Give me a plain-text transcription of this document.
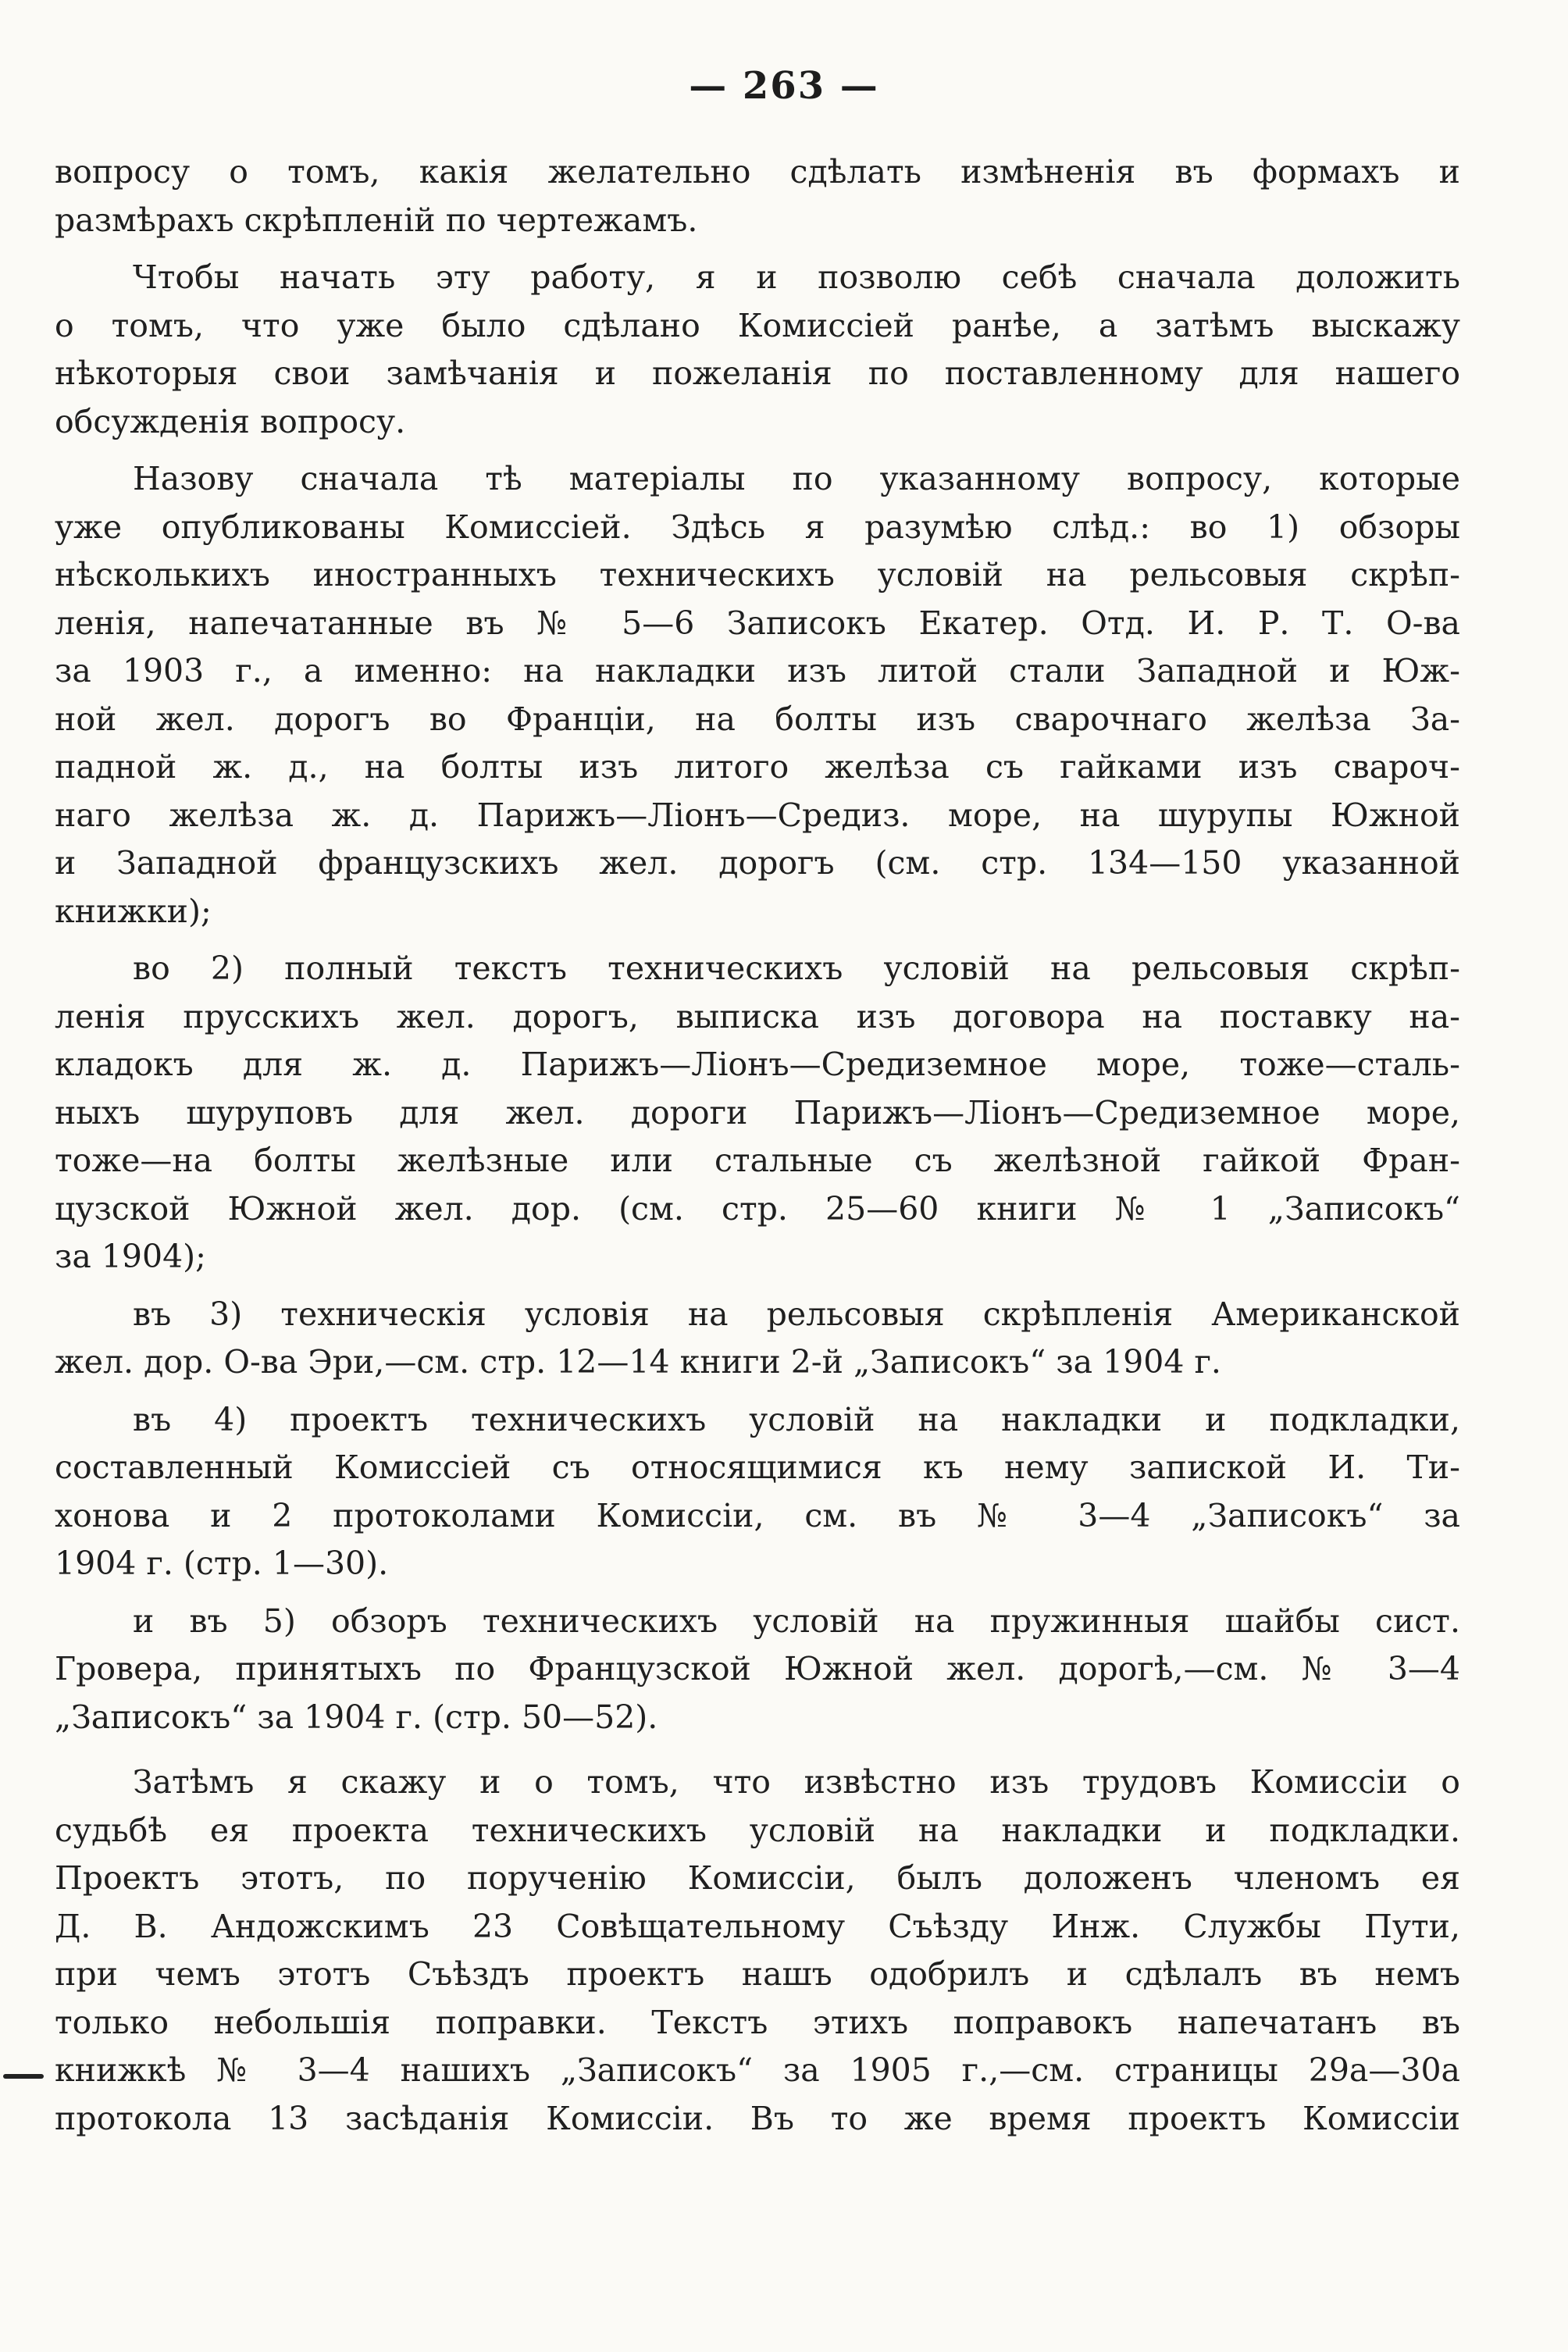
— 263 —
вопросу о томъ, какія желательно сдѣлать измѣненія въ формахъ и
размѣрахъ скрѣпленій по чертежамъ.
Чтобы начать эту работу, я и позволю себѣ сначала доложить
о томъ, что уже было сдѣлано Комиссіей ранѣе, а затѣмъ выскажу
нѣкоторыя свои замѣчанія и пожеланія по поставленному для нашего
обсужденія вопросу.
Назову сначала тѣ матеріалы по указанному вопросу, которые
уже опубликованы Комиссіей. Здѣсь я разумѣю слѣд.: во 1) обзоры
нѣсколькихъ иностранныхъ техническихъ условій на рельсовыя скрѣп-
ленія, напечатанные въ № 5—6 Записокъ Екатер. Отд. И. Р. Т. О-ва
за 1903 г., а именно: на накладки изъ литой стали Западной и Юж-
ной жел. дорогъ во Франціи, на болты изъ сварочнаго желѣза За-
падной ж. д., на болты изъ литого желѣза съ гайками изъ свароч-
наго желѣза ж. д. Парижъ—Ліонъ—Средиз. море, на шурупы Южной
и Западной французскихъ жел. дорогъ (см. стр. 134—150 указанной
книжки);
во 2) полный текстъ техническихъ условій на рельсовыя скрѣп-
ленія прусскихъ жел. дорогъ, выписка изъ договора на поставку на-
кладокъ для ж. д. Парижъ—Ліонъ—Средиземное море, тоже—сталь-
ныхъ шуруповъ для жел. дороги Парижъ—Ліонъ—Средиземное море,
тоже—на болты желѣзные или стальные съ желѣзной гайкой Фран-
цузской Южной жел. дор. (см. стр. 25—60 книги № 1 „Записокъ“
за 1904);
въ 3) техническія условія на рельсовыя скрѣпленія Американской
жел. дор. О-ва Эри,—см. стр. 12—14 книги 2-й „Записокъ“ за 1904 г.
въ 4) проектъ техническихъ условій на накладки и подкладки,
составленный Комиссіей съ относящимися къ нему запиской И. Ти-
хонова и 2 протоколами Комиссіи, см. въ № 3—4 „Записокъ“ за
1904 г. (стр. 1—30).
и въ 5) обзоръ техническихъ условій на пружинныя шайбы сист.
Гровера, принятыхъ по Французской Южной жел. дорогѣ,—см. № 3—4
„Записокъ“ за 1904 г. (стр. 50—52).
Затѣмъ я скажу и о томъ, что извѣстно изъ трудовъ Комиссіи о
судьбѣ ея проекта техническихъ условій на накладки и подкладки.
Проектъ этотъ, по порученію Комиссіи, былъ доложенъ членомъ ея
Д. В. Андожскимъ 23 Совѣщательному Съѣзду Инж. Службы Пути,
при чемъ этотъ Съѣздъ проектъ нашъ одобрилъ и сдѣлалъ въ немъ
только небольшія поправки. Текстъ этихъ поправокъ напечатанъ въ
книжкѣ № 3—4 нашихъ „Записокъ“ за 1905 г.,—см. страницы 29а—30а
протокола 13 засѣданія Комиссіи. Въ то же время проектъ Комиссіи
